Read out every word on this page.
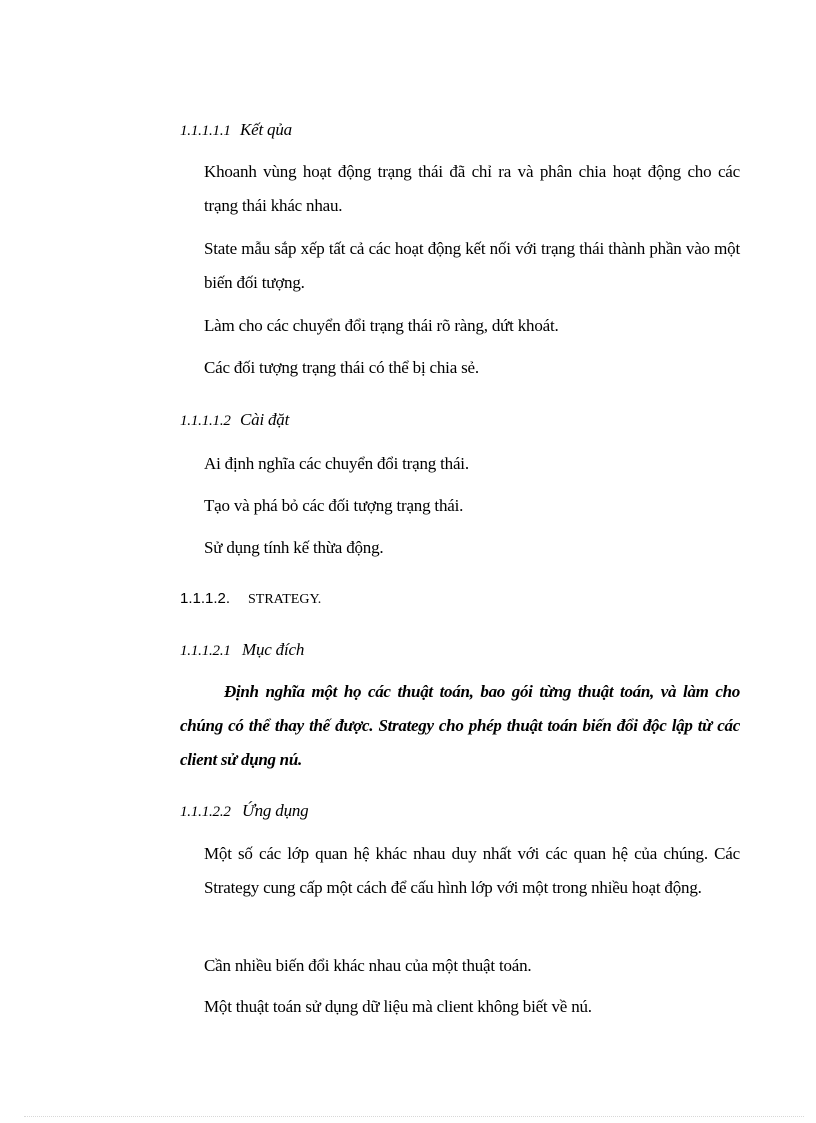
1.1.1.1.1 Kết qủa
Khoanh vùng hoạt động trạng thái đã chỉ ra và phân chia hoạt động cho các trạng thái khác nhau.
State mẫu sắp xếp tất cả các hoạt động kết nối với trạng thái thành phần vào một biến đối tượng.
Làm cho các chuyển đổi trạng thái rõ ràng, dứt khoát.
Các đối tượng trạng thái có thể bị chia sẻ.
1.1.1.1.2 Cài đặt
Ai định nghĩa các chuyển đổi trạng thái.
Tạo và phá bỏ các đối tượng trạng thái.
Sử dụng tính kế thừa động.
1.1.1.2. STRATEGY.
1.1.1.2.1 Mục đích
Định nghĩa một họ các thuật toán, bao gói từng thuật toán, và làm cho chúng có thể thay thế được. Strategy cho phép thuật toán biến đổi độc lập từ các client sử dụng nú.
1.1.1.2.2 Ứng dụng
Một số các lớp quan hệ khác nhau duy nhất với các quan hệ của chúng. Các Strategy cung cấp một cách để cấu hình lớp với một trong nhiều hoạt động.
Cần nhiều biến đổi khác nhau của một thuật toán.
Một thuật toán sử dụng dữ liệu mà client không biết về nú.
